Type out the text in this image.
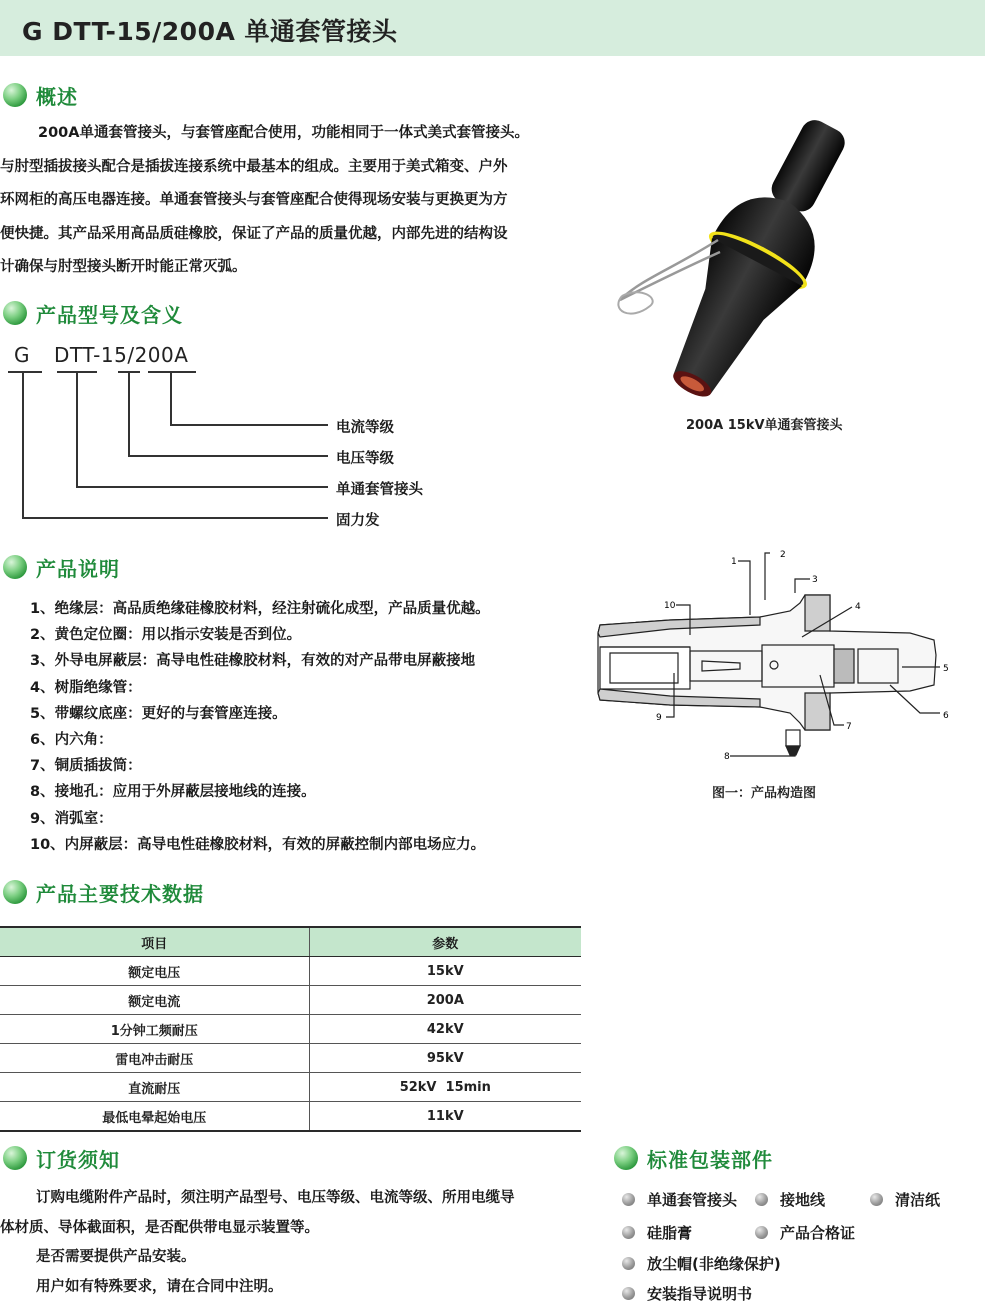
G DTT-15/200A 单通套管接头
概述

200A单通套管接头，与套管座配合使用，功能相同于一体式美式套管接头。

与肘型插拔接头配合是插拔连接系统中最基本的组成。主要用于美式箱变、户外

环网柜的高压电器连接。单通套管接头与套管座配合使得现场安装与更换更为方

便快捷。其产品采用高品质硅橡胶，保证了产品的质量优越，内部先进的结构设

计确保与肘型接头断开时能正常灭弧。

200A 15kV单通套管接头
产品型号及含义
G DTT-15/200A
电流等级
电压等级
单通套管接头
固力发
产品说明
1、绝缘层：高品质绝缘硅橡胶材料，经注射硫化成型，产品质量优越。
2、黄色定位圈：用以指示安装是否到位。
3、外导电屏蔽层：高导电性硅橡胶材料，有效的对产品带电屏蔽接地
4、树脂绝缘管：
5、带螺纹底座：更好的与套管座连接。
6、内六角：
7、铜质插拔筒：
8、接地孔：应用于外屏蔽层接地线的连接。
9、消弧室：
10、内屏蔽层：高导电性硅橡胶材料，有效的屏蔽控制内部电场应力。
1
2
3
4
5
6
7
8
9
10
图一：产品构造图
产品主要技术数据
项目	参数
额定电压	15kV
额定电流	200A
1分钟工频耐压	42kV
雷电冲击耐压	95kV
直流耐压	52kV  15min
最低电晕起始电压	11kV
订货须知

订购电缆附件产品时，须注明产品型号、电压等级、电流等级、所用电缆导

体材质、导体截面积，是否配供带电显示装置等。

是否需要提供产品安装。

用户如有特殊要求，请在合同中注明。

标准包装部件
单通套管接头	接地线	清洁纸
硅脂膏	产品合格证
放尘帽(非绝缘保护)
安装指导说明书
